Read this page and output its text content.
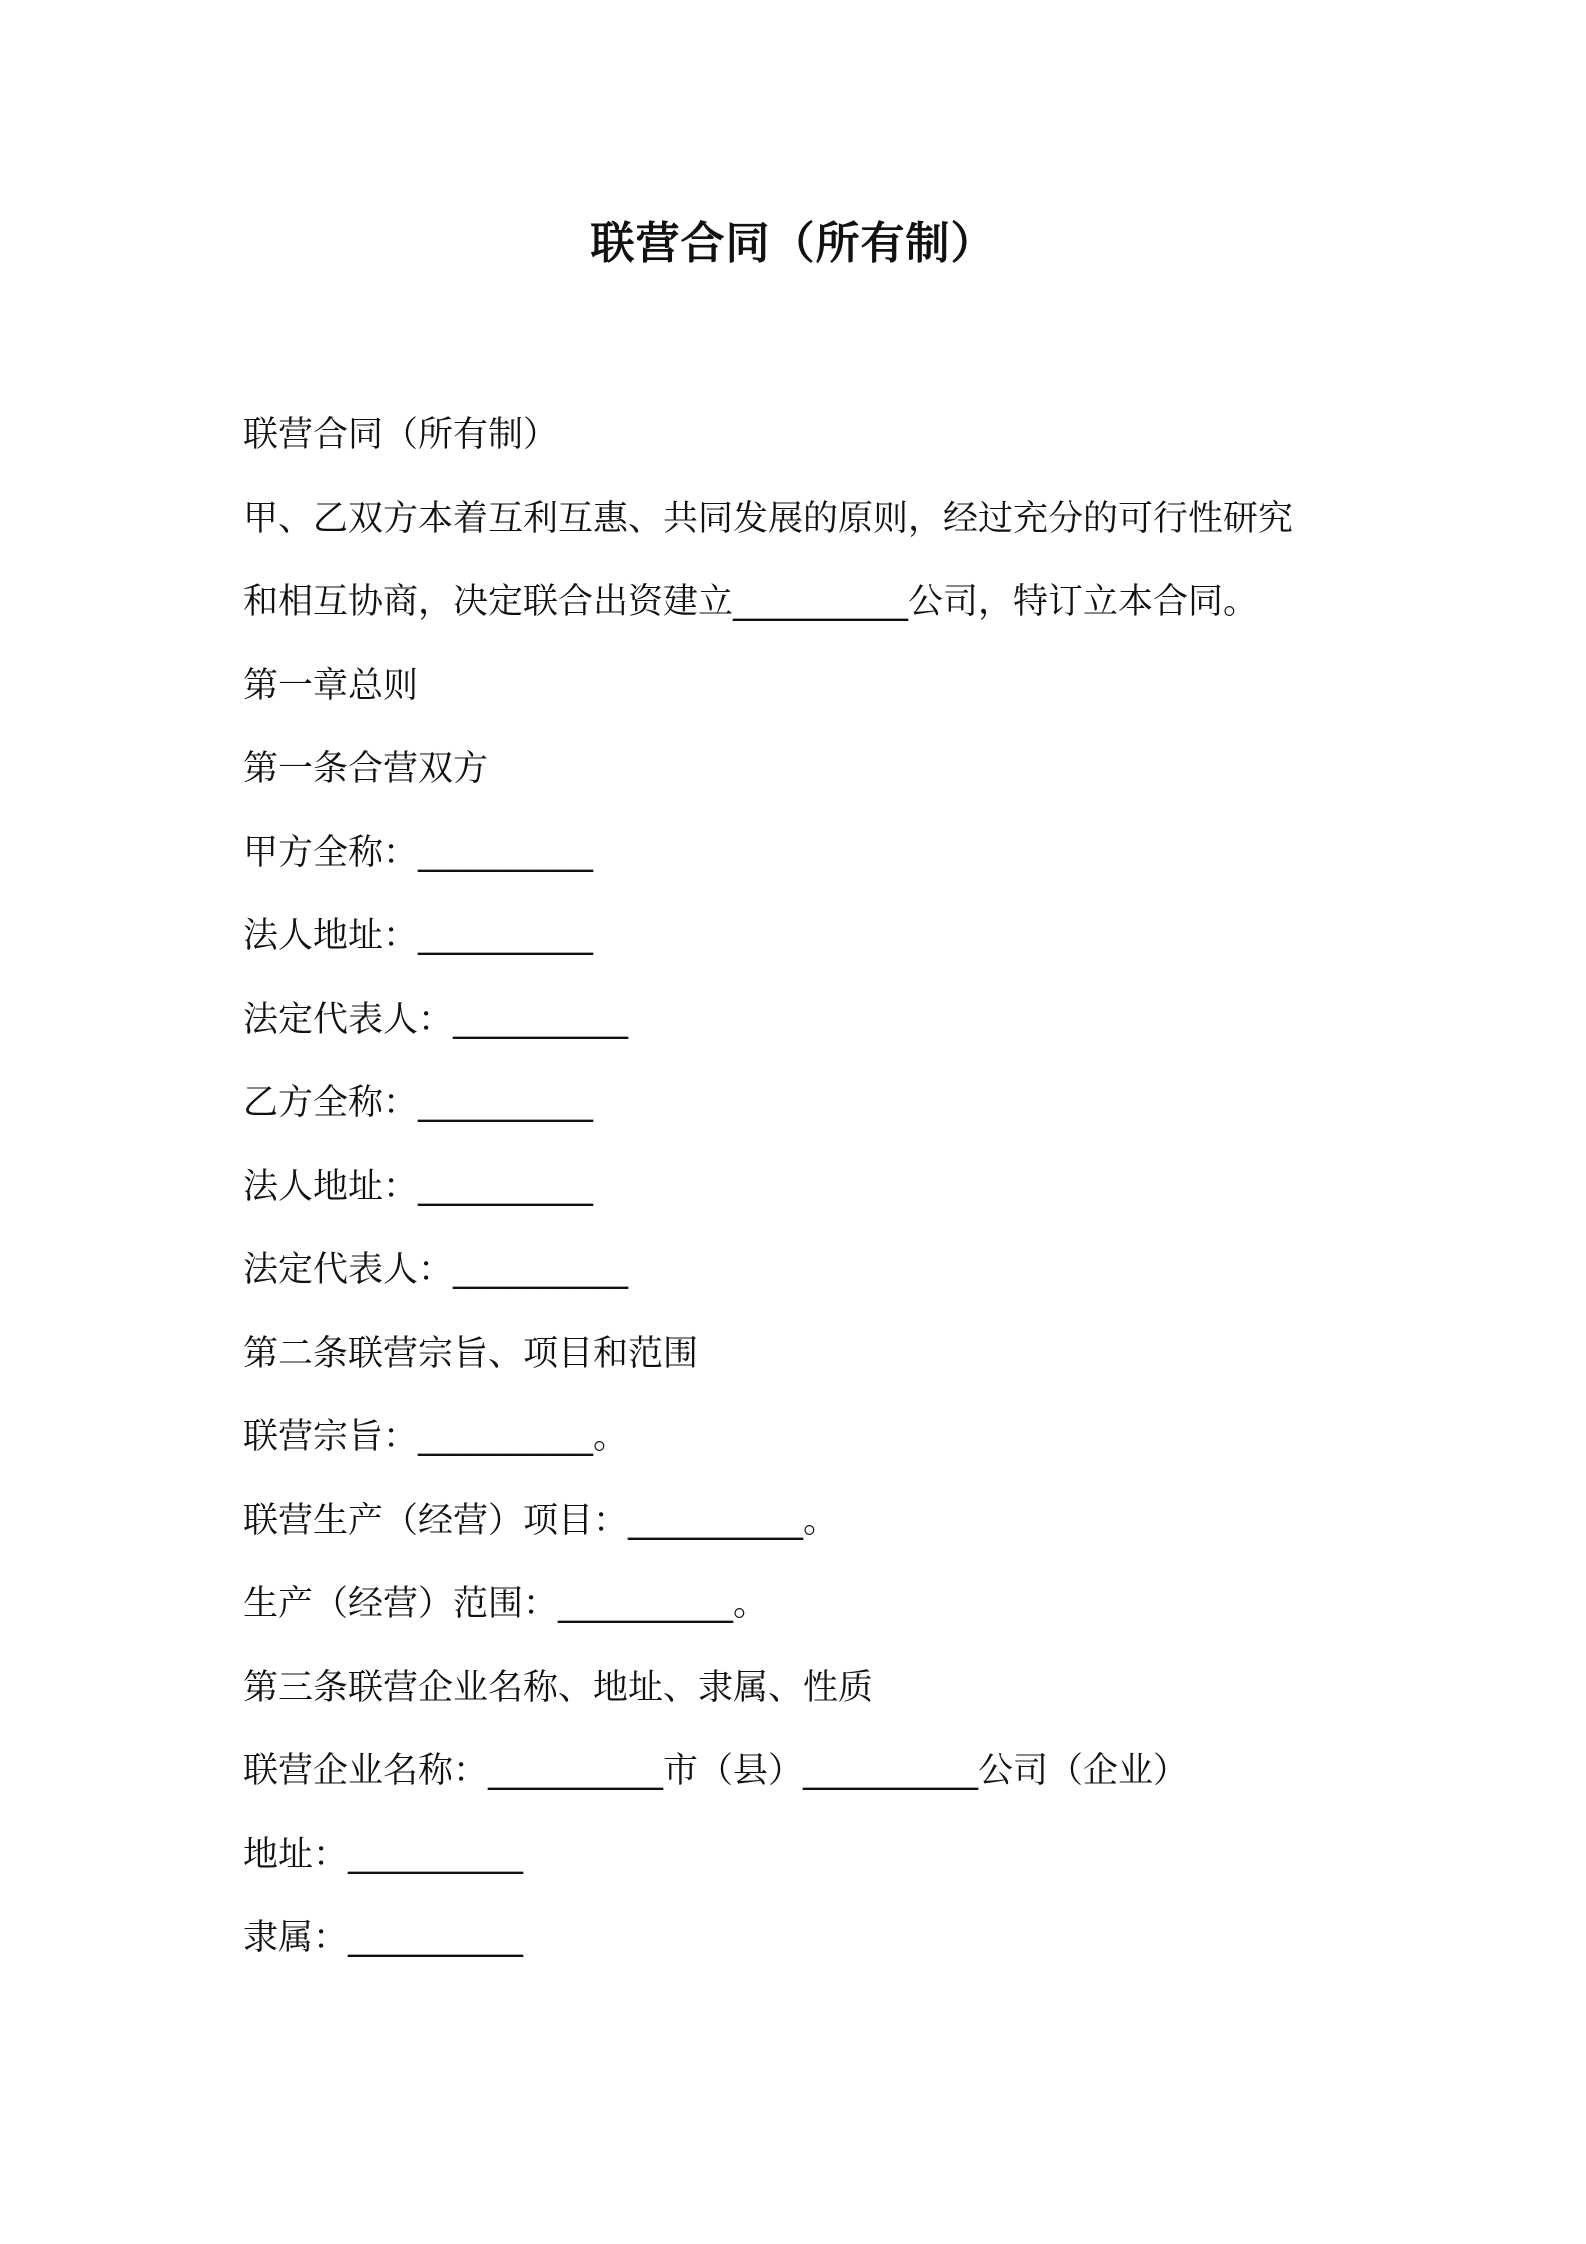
联营合同（所有制）
联营合同（所有制）
甲、乙双方本着互利互惠、共同发展的原则，经过充分的可行性研究
和相互协商，决定联合出资建立__________公司，特订立本合同。
第一章总则
第一条合营双方
甲方全称：__________
法人地址：__________
法定代表人：__________
乙方全称：__________
法人地址：__________
法定代表人：__________
第二条联营宗旨、项目和范围
联营宗旨：__________。
联营生产（经营）项目：__________。
生产（经营）范围：__________。
第三条联营企业名称、地址、隶属、性质
联营企业名称：__________市（县）__________公司（企业）
地址：__________
隶属：__________
